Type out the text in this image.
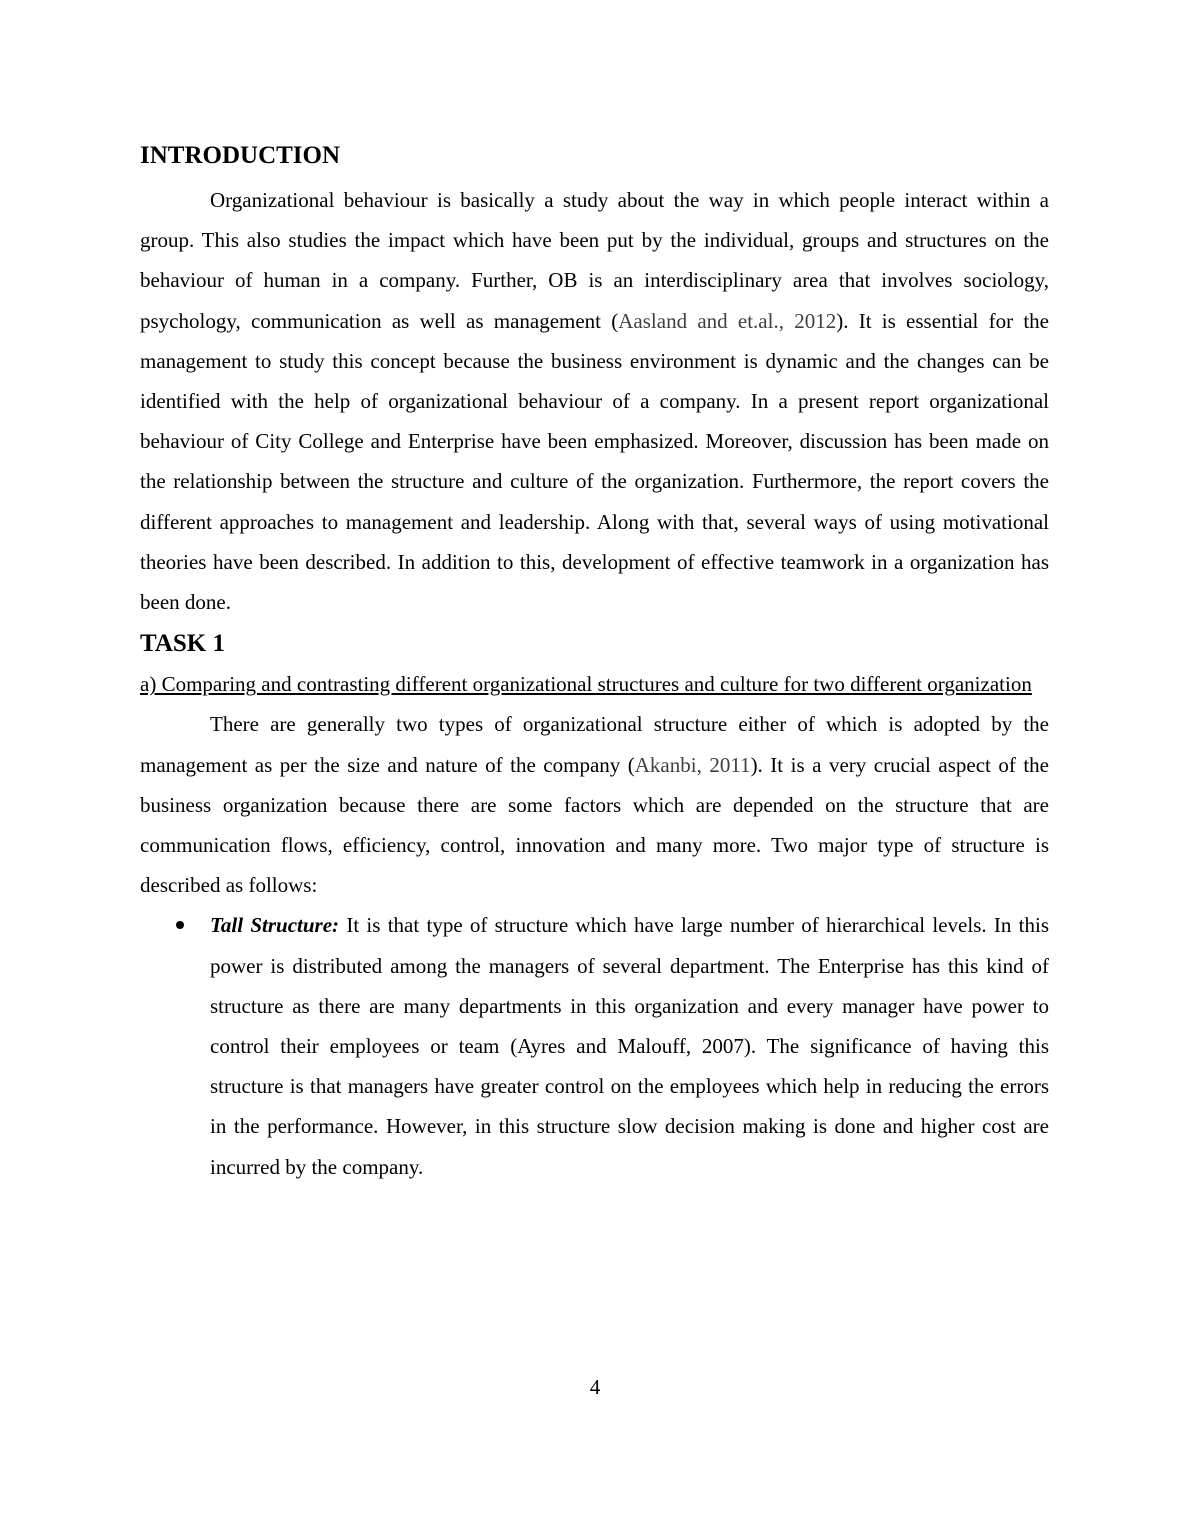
INTRODUCTION

Organizational behaviour is basically a study about the way in which people interact within a group. This also studies the impact which have been put by the individual, groups and structures on the behaviour of human in a company. Further, OB is an interdisciplinary area that involves sociology, psychology, communication as well as management (Aasland and et.al., 2012). It is essential for the management to study this concept because the business environment is dynamic and the changes can be identified with the help of organizational behaviour of a company. In a present report organizational behaviour of City College and Enterprise have been emphasized. Moreover, discussion has been made on the relationship between the structure and culture of the organization. Furthermore, the report covers the different approaches to management and leadership. Along with that, several ways of using motivational theories have been described. In addition to this, development of effective teamwork in a organization has been done.

TASK 1

a) Comparing and contrasting different organizational structures and culture for two different organization

There are generally two types of organizational structure either of which is adopted by the management as per the size and nature of the company (Akanbi, 2011). It is a very crucial aspect of the business organization because there are some factors which are depended on the structure that are communication flows, efficiency, control, innovation and many more. Two major type of structure is described as follows:

Tall Structure: It is that type of structure which have large number of hierarchical levels. In this power is distributed among the managers of several department. The Enterprise has this kind of structure as there are many departments in this organization and every manager have power to control their employees or team (Ayres and Malouff, 2007). The significance of having this structure is that managers have greater control on the employees which help in reducing the errors in the performance. However, in this structure slow decision making is done and higher cost are incurred by the company.
4
